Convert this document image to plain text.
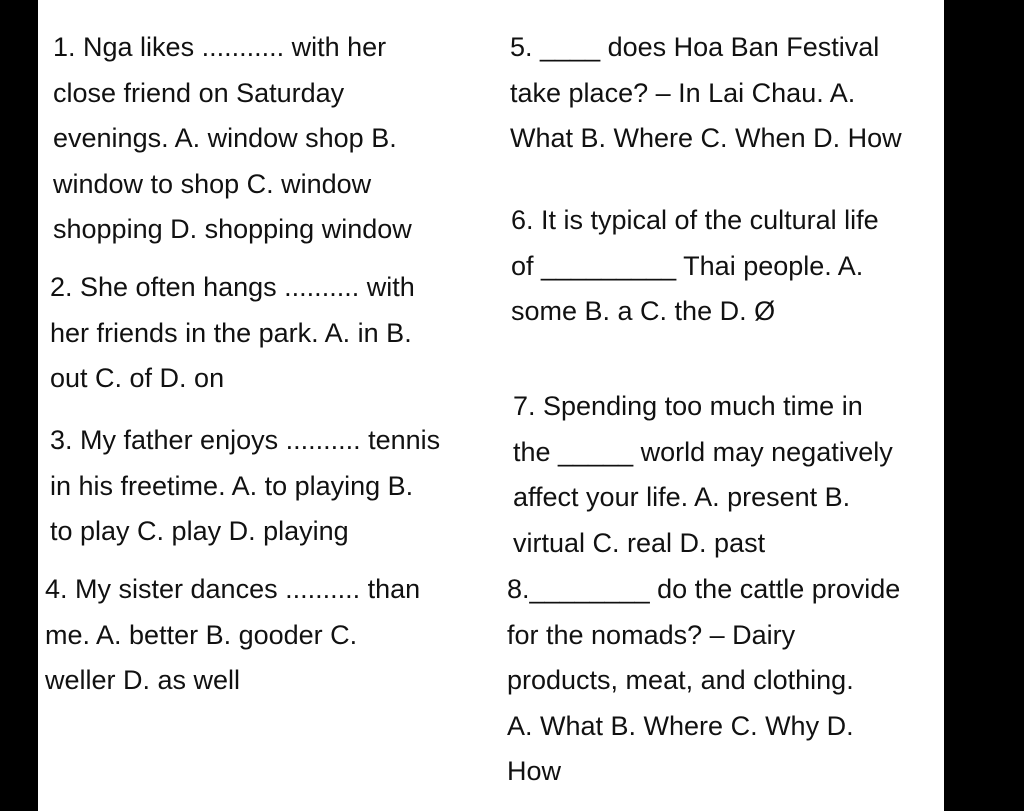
1. Nga likes ........... with her
close friend on Saturday
evenings. A. window shop B.
window to shop C. window
shopping D. shopping window
2. She often hangs .......... with
her friends in the park. A. in B.
out C. of D. on
3. My father enjoys .......... tennis
in his freetime. A. to playing B.
to play C. play D. playing
4. My sister dances .......... than
me. A. better B. gooder C.
weller D. as well
5. ____ does Hoa Ban Festival
take place? – In Lai Chau. A.
What B. Where C. When D. How
6. It is typical of the cultural life
of _________ Thai people. A.
some B. a C. the D. Ø
7. Spending too much time in
the _____ world may negatively
affect your life. A. present B.
virtual C. real D. past
8.________ do the cattle provide
for the nomads? – Dairy
products, meat, and clothing.
A. What B. Where C. Why D.
How
